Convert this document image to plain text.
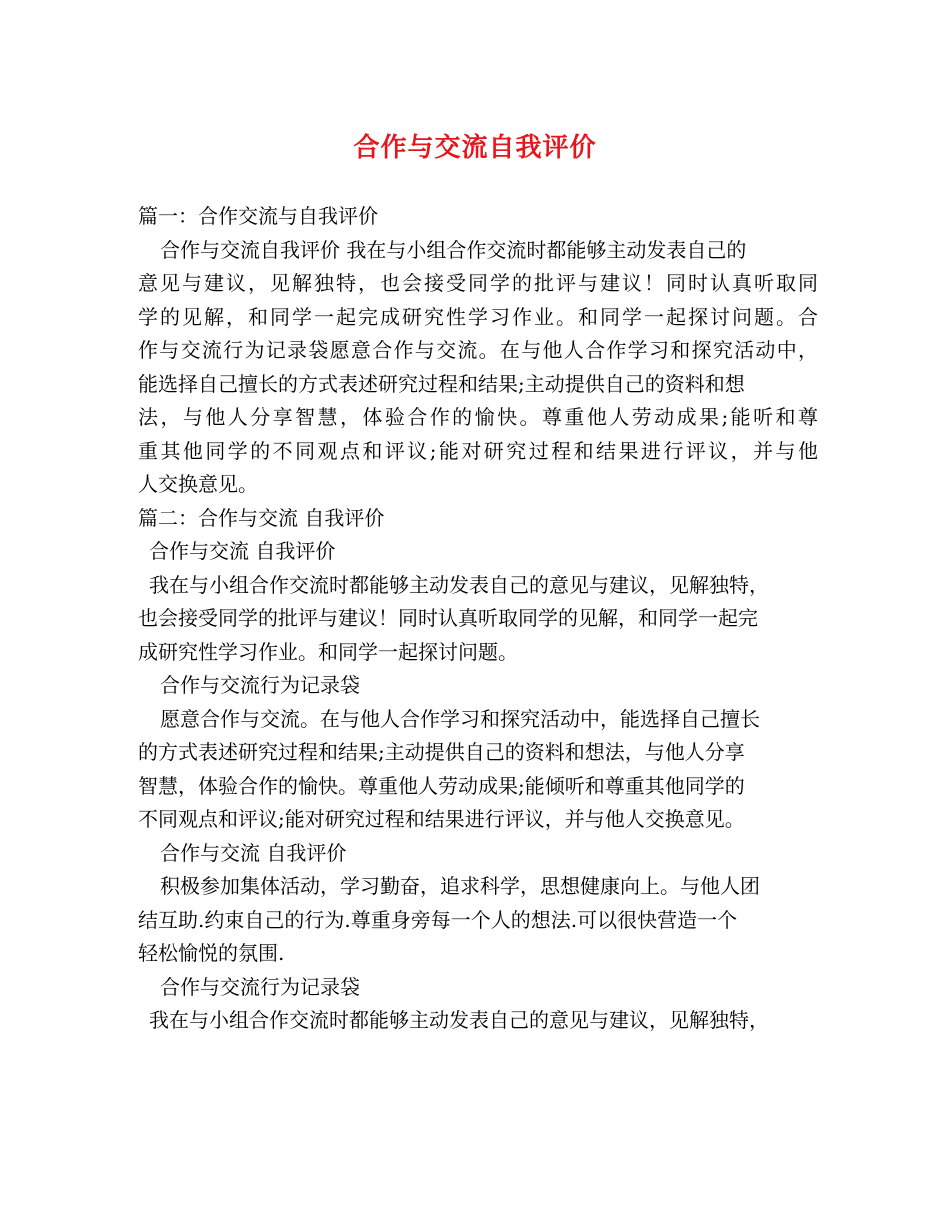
合作与交流自我评价
篇一：合作交流与自我评价
合作与交流自我评价 我在与小组合作交流时都能够主动发表自己的
意见与建议，见解独特，也会接受同学的批评与建议！同时认真听取同
学的见解，和同学一起完成研究性学习作业。和同学一起探讨问题。合
作与交流行为记录袋愿意合作与交流。在与他人合作学习和探究活动中，
能选择自己擅长的方式表述研究过程和结果;主动提供自己的资料和想
法，与他人分享智慧，体验合作的愉快。尊重他人劳动成果;能听和尊
重其他同学的不同观点和评议;能对研究过程和结果进行评议，并与他
人交换意见。
篇二：合作与交流 自我评价
合作与交流 自我评价
我在与小组合作交流时都能够主动发表自己的意见与建议，见解独特，
也会接受同学的批评与建议！同时认真听取同学的见解，和同学一起完
成研究性学习作业。和同学一起探讨问题。
合作与交流行为记录袋
愿意合作与交流。在与他人合作学习和探究活动中，能选择自己擅长
的方式表述研究过程和结果;主动提供自己的资料和想法，与他人分享
智慧，体验合作的愉快。尊重他人劳动成果;能倾听和尊重其他同学的
不同观点和评议;能对研究过程和结果进行评议，并与他人交换意见。
合作与交流 自我评价
积极参加集体活动，学习勤奋，追求科学，思想健康向上。与他人团
结互助.约束自己的行为.尊重身旁每一个人的想法.可以很快营造一个
轻松愉悦的氛围.
合作与交流行为记录袋
我在与小组合作交流时都能够主动发表自己的意见与建议，见解独特，
